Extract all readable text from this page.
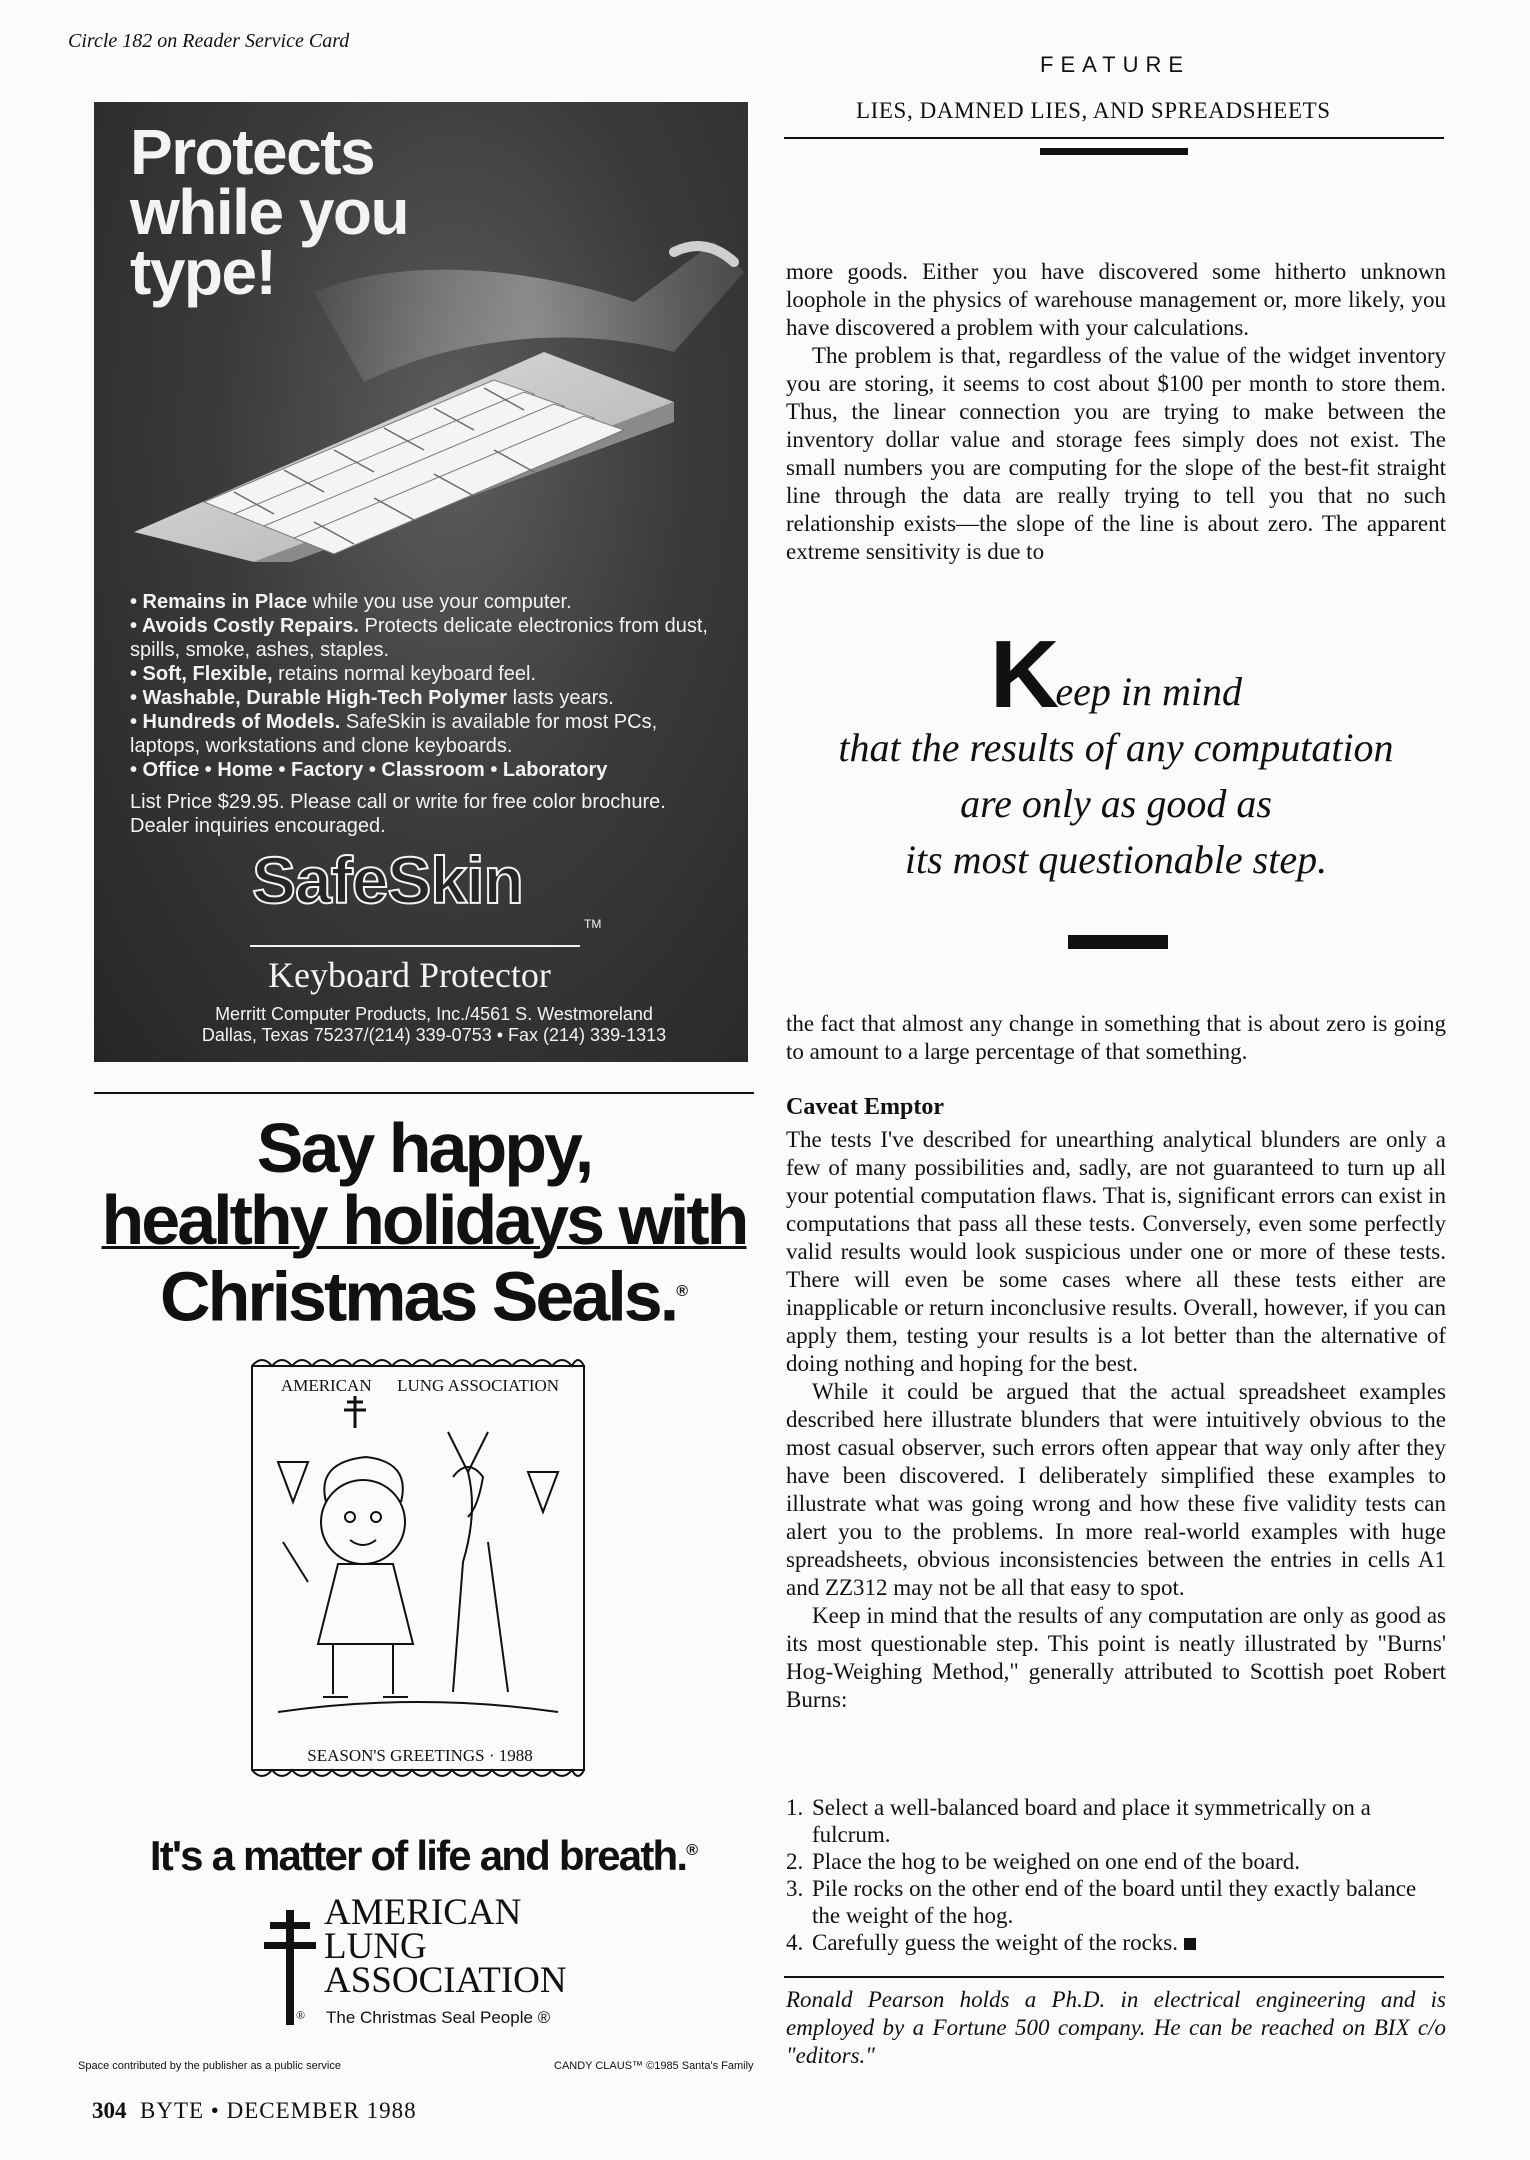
Circle 182 on Reader Service Card
FEATURE
LIES, DAMNED LIES, AND SPREADSHEETS
Protects
while you
type!
• Remains in Place while you use your computer.
• Avoids Costly Repairs. Protects delicate electronics from dust, spills, smoke, ashes, staples.
• Soft, Flexible, retains normal keyboard feel.
• Washable, Durable High-Tech Polymer lasts years.
• Hundreds of Models. SafeSkin is available for most PCs, laptops, workstations and clone keyboards.
• Office • Home • Factory • Classroom • Laboratory
List Price $29.95. Please call or write for free color brochure. Dealer inquiries encouraged.
SafeSkin
TM
Keyboard Protector
Merritt Computer Products, Inc./4561 S. Westmoreland
Dallas, Texas 75237/(214) 339-0753 • Fax (214) 339-1313
Say happy,
healthy holidays with
Christmas Seals.®
AMERICAN LUNG ASSOCIATION
SEASON'S GREETINGS · 1988
It's a matter of life and breath.®
AMERICAN
LUNG
ASSOCIATION
® The Christmas Seal People ®
Space contributed by the publisher as a public service	CANDY CLAUS™ ©1985 Santa's Family
304 BYTE • DECEMBER 1988

more goods. Either you have discovered some hitherto unknown loophole in the physics of warehouse management or, more likely, you have discovered a problem with your calculations.

The problem is that, regardless of the value of the widget inventory you are storing, it seems to cost about $100 per month to store them. Thus, the linear connection you are trying to make between the inventory dollar value and storage fees simply does not exist. The small numbers you are computing for the slope of the best-fit straight line through the data are really trying to tell you that no such relationship exists—the slope of the line is about zero. The apparent extreme sensitivity is due to

Keep in mind
that the results of any computation
are only as good as
its most questionable step.

the fact that almost any change in something that is about zero is going to amount to a large percentage of that something.

Caveat Emptor

The tests I've described for unearthing analytical blunders are only a few of many possibilities and, sadly, are not guaranteed to turn up all your potential computation flaws. That is, significant errors can exist in computations that pass all these tests. Conversely, even some perfectly valid results would look suspicious under one or more of these tests. There will even be some cases where all these tests either are inapplicable or return inconclusive results. Overall, however, if you can apply them, testing your results is a lot better than the alternative of doing nothing and hoping for the best.

While it could be argued that the actual spreadsheet examples described here illustrate blunders that were intuitively obvious to the most casual observer, such errors often appear that way only after they have been discovered. I deliberately simplified these examples to illustrate what was going wrong and how these five validity tests can alert you to the problems. In more real-world examples with huge spreadsheets, obvious inconsistencies between the entries in cells A1 and ZZ312 may not be all that easy to spot.

Keep in mind that the results of any computation are only as good as its most questionable step. This point is neatly illustrated by "Burns' Hog-Weighing Method," generally attributed to Scottish poet Robert Burns:

1. Select a well-balanced board and place it symmetrically on a fulcrum.
2. Place the hog to be weighed on one end of the board.
3. Pile rocks on the other end of the board until they exactly balance the weight of the hog.
4. Carefully guess the weight of the rocks.
Ronald Pearson holds a Ph.D. in electrical engineering and is employed by a Fortune 500 company. He can be reached on BIX c/o "editors."
